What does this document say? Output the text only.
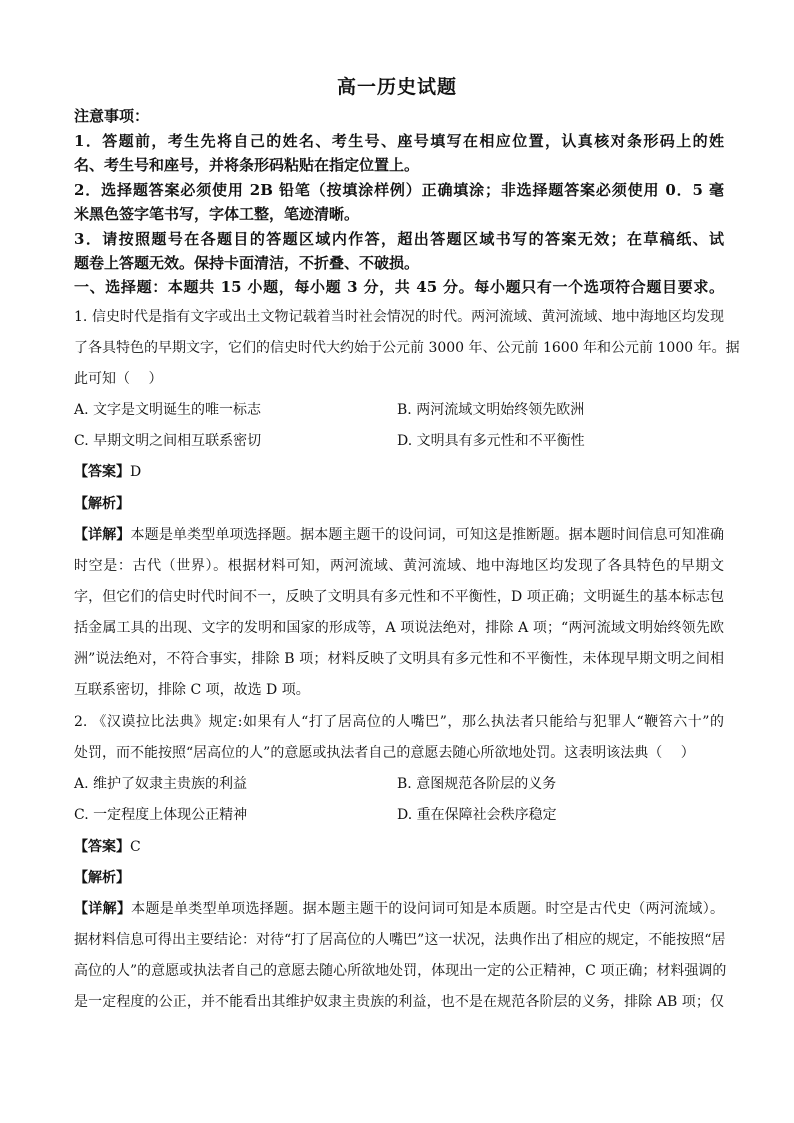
高一历史试题
注意事项：
1．答题前，考生先将自己的姓名、考生号、座号填写在相应位置，认真核对条形码上的姓
名、考生号和座号，并将条形码粘贴在指定位置上。
2．选择题答案必须使用 2B 铅笔（按填涂样例）正确填涂；非选择题答案必须使用 0．5 毫
米黑色签字笔书写，字体工整，笔迹清晰。
3．请按照题号在各题目的答题区域内作答，超出答题区域书写的答案无效；在草稿纸、试
题卷上答题无效。保持卡面清洁，不折叠、不破损。
一、选择题：本题共 15 小题，每小题 3 分，共 45 分。每小题只有一个选项符合题目要求。
1. 信史时代是指有文字或出土文物记载着当时社会情况的时代。两河流域、黄河流域、地中海地区均发现
了各具特色的早期文字，它们的信史时代大约始于公元前 3000 年、公元前 1600 年和公元前 1000 年。据
此可知（　 ）
A. 文字是文明诞生的唯一标志	B. 两河流域文明始终领先欧洲
C. 早期文明之间相互联系密切	D. 文明具有多元性和不平衡性
【答案】D
【解析】
【详解】本题是单类型单项选择题。据本题主题干的设问词，可知这是推断题。据本题时间信息可知准确
时空是：古代（世界）。根据材料可知，两河流域、黄河流域、地中海地区均发现了各具特色的早期文
字，但它们的信史时代时间不一，反映了文明具有多元性和不平衡性，D 项正确；文明诞生的基本标志包
括金属工具的出现、文字的发明和国家的形成等，A 项说法绝对，排除 A 项；“两河流域文明始终领先欧
洲”说法绝对，不符合事实，排除 B 项；材料反映了文明具有多元性和不平衡性，未体现早期文明之间相
互联系密切，排除 C 项，故选 D 项。
2. 《汉谟拉比法典》规定:如果有人“打了居高位的人嘴巴”，那么执法者只能给与犯罪人“鞭笞六十”的
处罚，而不能按照“居高位的人”的意愿或执法者自己的意愿去随心所欲地处罚。这表明该法典（　 ）
A. 维护了奴隶主贵族的利益	B. 意图规范各阶层的义务
C. 一定程度上体现公正精神	D. 重在保障社会秩序稳定
【答案】C
【解析】
【详解】本题是单类型单项选择题。据本题主题干的设问词可知是本质题。时空是古代史（两河流域）。
据材料信息可得出主要结论：对待“打了居高位的人嘴巴”这一状况，法典作出了相应的规定，不能按照“居
高位的人”的意愿或执法者自己的意愿去随心所欲地处罚，体现出一定的公正精神，C 项正确；材料强调的
是一定程度的公正，并不能看出其维护奴隶主贵族的利益，也不是在规范各阶层的义务，排除 AB 项；仅
